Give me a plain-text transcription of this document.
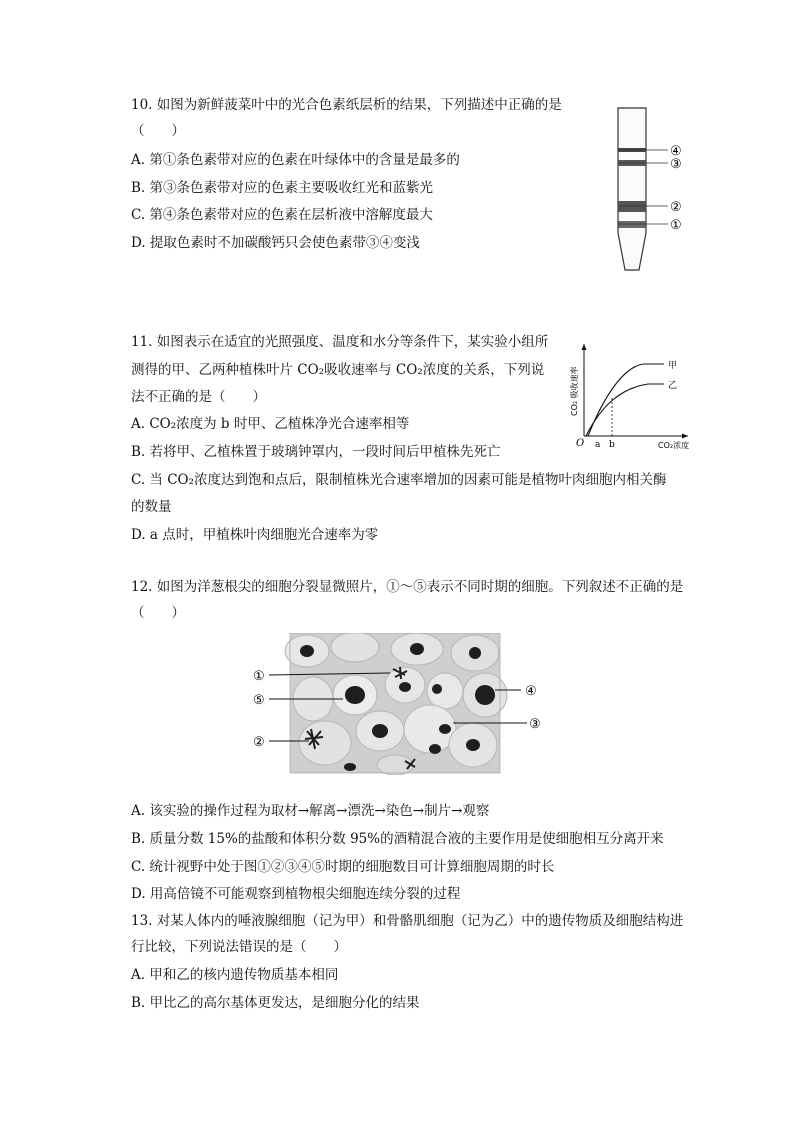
10. 如图为新鲜菠菜叶中的光合色素纸层析的结果，下列描述中正确的是
（　　）
A. 第①条色素带对应的色素在叶绿体中的含量是最多的
B. 第③条色素带对应的色素主要吸收红光和蓝紫光
C. 第④条色素带对应的色素在层析液中溶解度最大
D. 提取色素时不加碳酸钙只会使色素带③④变浅
④
③
②
①
11. 如图表示在适宜的光照强度、温度和水分等条件下，某实验小组所
测得的甲、乙两种植株叶片 CO₂吸收速率与 CO₂浓度的关系，下列说
法不正确的是（　　）
A. CO₂浓度为 b 时甲、乙植株净光合速率相等
B. 若将甲、乙植株置于玻璃钟罩内，一段时间后甲植株先死亡
C. 当 CO₂浓度达到饱和点后，限制植株光合速率增加的因素可能是植物叶肉细胞内相关酶
的数量
D. a 点时，甲植株叶肉细胞光合速率为零
CO₂ 吸收速率
CO₂浓度
O a b
甲
乙
12. 如图为洋葱根尖的细胞分裂显微照片，①～⑤表示不同时期的细胞。下列叙述不正确的是
（　　）
①
⑤
②
④
③
A. 该实验的操作过程为取材→解离→漂洗→染色→制片→观察
B. 质量分数 15%的盐酸和体积分数 95%的酒精混合液的主要作用是使细胞相互分离开来
C. 统计视野中处于图①②③④⑤时期的细胞数目可计算细胞周期的时长
D. 用高倍镜不可能观察到植物根尖细胞连续分裂的过程
13. 对某人体内的唾液腺细胞（记为甲）和骨骼肌细胞（记为乙）中的遗传物质及细胞结构进
行比较，下列说法错误的是（　　）
A. 甲和乙的核内遗传物质基本相同
B. 甲比乙的高尔基体更发达，是细胞分化的结果
